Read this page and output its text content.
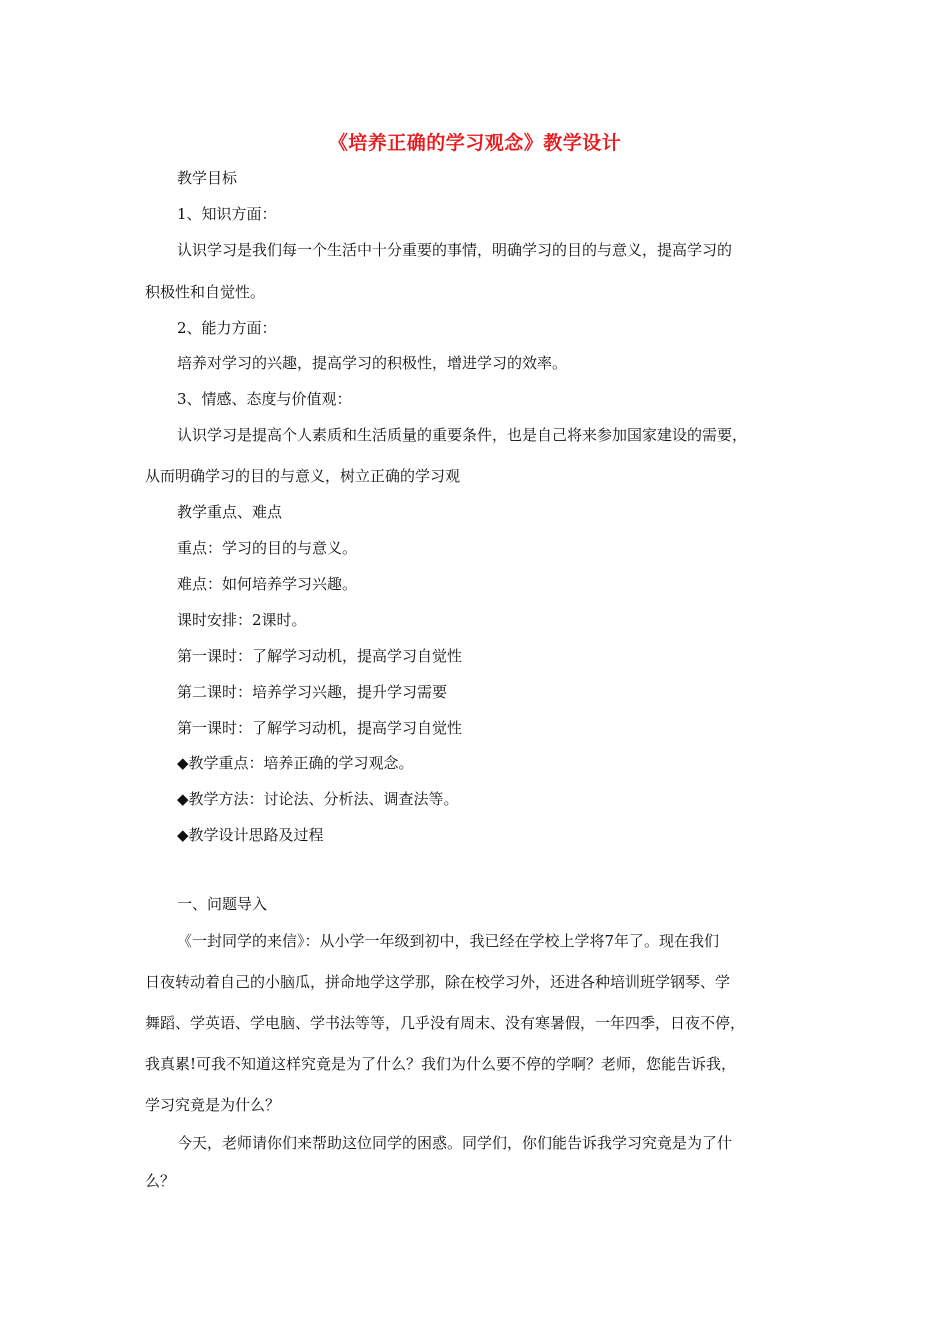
《培养正确的学习观念》教学设计
教学目标
1、知识方面：
认识学习是我们每一个生活中十分重要的事情，明确学习的目的与意义，提高学习的
积极性和自觉性。
2、能力方面：
培养对学习的兴趣，提高学习的积极性，增进学习的效率。
3、情感、态度与价值观：
认识学习是提高个人素质和生活质量的重要条件，也是自己将来参加国家建设的需要，
从而明确学习的目的与意义，树立正确的学习观
教学重点、难点
重点：学习的目的与意义。
难点：如何培养学习兴趣。
课时安排：2课时。
第一课时：了解学习动机，提高学习自觉性
第二课时：培养学习兴趣，提升学习需要
第一课时：了解学习动机，提高学习自觉性
◆教学重点：培养正确的学习观念。
◆教学方法：讨论法、分析法、调查法等。
◆教学设计思路及过程
一、问题导入
《一封同学的来信》：从小学一年级到初中，我已经在学校上学将7年了。现在我们
日夜转动着自己的小脑瓜，拼命地学这学那，除在校学习外，还进各种培训班学钢琴、学
舞蹈、学英语、学电脑、学书法等等，几乎没有周末、没有寒暑假，一年四季，日夜不停，
我真累!可我不知道这样究竟是为了什么？我们为什么要不停的学啊？老师，您能告诉我，
学习究竟是为什么？
今天，老师请你们来帮助这位同学的困惑。同学们，你们能告诉我学习究竟是为了什
么？
